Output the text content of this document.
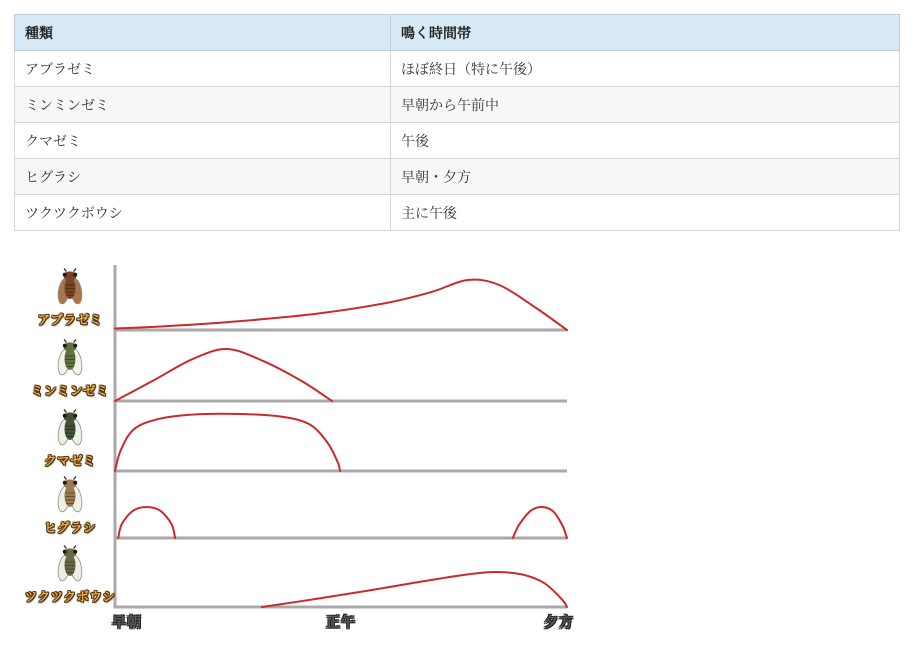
種類	鳴く時間帯
アブラゼミ	ほぼ終日（特に午後）
ミンミンゼミ	早朝から午前中
クマゼミ	午後
ヒグラシ	早朝・夕方
ツクツクボウシ	主に午後
アブラゼミ
ミンミンゼミ
クマゼミ
ヒグラシ
ツクツクボウシ
早朝	正午	夕方
